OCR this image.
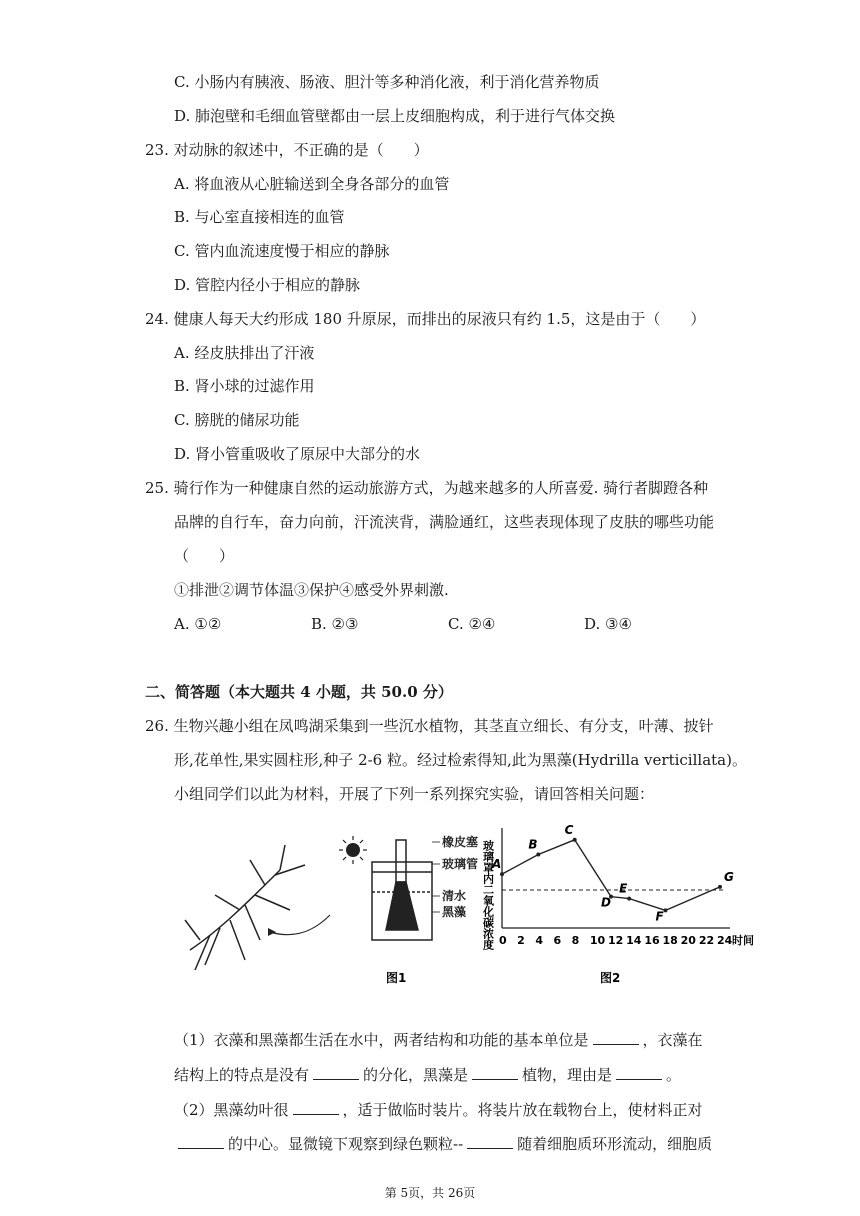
C. 小肠内有胰液、肠液、胆汁等多种消化液，利于消化营养物质
D. 肺泡壁和毛细血管壁都由一层上皮细胞构成，利于进行气体交换
23. 对动脉的叙述中，不正确的是（　　）
A. 将血液从心脏输送到全身各部分的血管
B. 与心室直接相连的血管
C. 管内血流速度慢于相应的静脉
D. 管腔内径小于相应的静脉
24. 健康人每天大约形成 180 升原尿，而排出的尿液只有约 1.5，这是由于（　　）
A. 经皮肤排出了汗液
B. 肾小球的过滤作用
C. 膀胱的储尿功能
D. 肾小管重吸收了原尿中大部分的水
25. 骑行作为一种健康自然的运动旅游方式，为越来越多的人所喜爱. 骑行者脚蹬各种
品牌的自行车，奋力向前，汗流浃背，满脸通红，这些表现体现了皮肤的哪些功能
（　　）
①排泄②调节体温③保护④感受外界刺激.
A. ①②	B. ②③	C. ②④	D. ③④
二、简答题（本大题共 4 小题，共 50.0 分）
26. 生物兴趣小组在凤鸣湖采集到一些沉水植物，其茎直立细长、有分支，叶薄、披针
形,花单性,果实圆柱形,种子 2-6 粒。经过检索得知,此为黑藻(Hydrilla verticillata)。
小组同学们以此为材料，开展了下列一系列探究实验，请回答相关问题：
橡皮塞
玻璃管
清水
黑藻
图1
玻璃罩内二氧化碳浓度 0 2 4 6 8 10 12 14 16 18 20 22 24
A
B
C
D
E
F
G
时间
图2
（1）衣藻和黑藻都生活在水中，两者结构和功能的基本单位是	，衣藻在
结构上的特点是没有	的分化，黑藻是	植物，理由是	。
（2）黑藻幼叶很	，适于做临时装片。将装片放在载物台上，使材料正对
的中心。显微镜下观察到绿色颗粒--	随着细胞质环形流动，细胞质
第 5页，共 26页
